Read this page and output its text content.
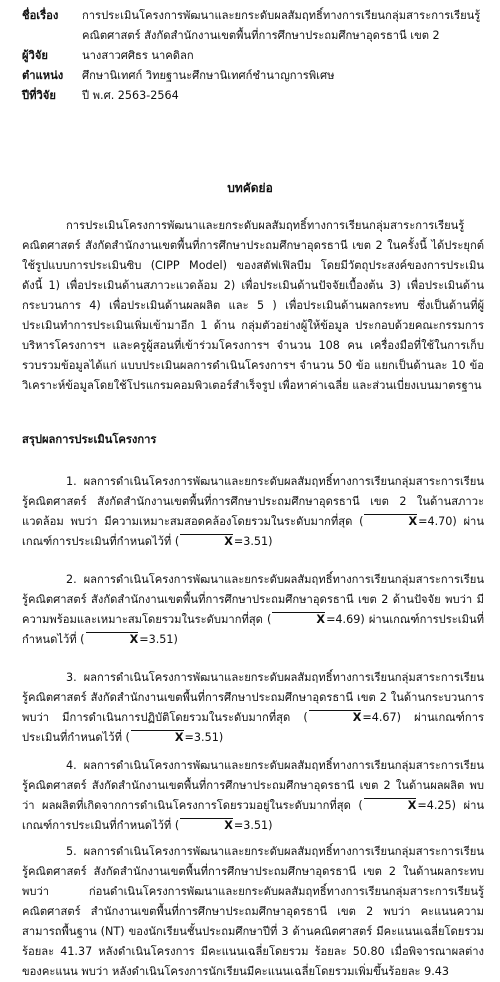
ชื่อเรื่อง	การประเมินโครงการพัฒนาและยกระดับผลสัมฤทธิ์ทางการเรียนกลุ่มสาระการเรียนรู้
คณิตศาสตร์ สังกัดสำนักงานเขตพื้นที่การศึกษาประถมศึกษาอุดรธานี เขต 2
ผู้วิจัย	นางสาวศศิธร นาคดิลก
ตำแหน่ง	ศึกษานิเทศก์ วิทยฐานะศึกษานิเทศก์ชำนาญการพิเศษ
ปีที่วิจัย	ปี พ.ศ. 2563-2564
บทคัดย่อ
การประเมินโครงการพัฒนาและยกระดับผลสัมฤทธิ์ทางการเรียนกลุ่มสาระการเรียนรู้คณิตศาสตร์ สังกัดสำนักงานเขตพื้นที่การศึกษาประถมศึกษาอุดรธานี เขต 2 ในครั้งนี้ ได้ประยุกต์ใช้รูปแบบการประเมินซิบ (CIPP Model) ของสตัฟเฟิลบีม โดยมีวัตถุประสงค์ของการประเมิน ดังนี้ 1) เพื่อประเมินด้านสภาวะแวดล้อม 2) เพื่อประเมินด้านปัจจัยเบื้องต้น 3) เพื่อประเมินด้านกระบวนการ 4) เพื่อประเมินด้านผลผลิต และ 5 ) เพื่อประเมินด้านผลกระทบ ซึ่งเป็นด้านที่ผู้ประเมินทำการประเมินเพิ่มเข้ามาอีก 1 ด้าน กลุ่มตัวอย่างผู้ให้ข้อมูล ประกอบด้วยคณะกรรมการบริหารโครงการฯ และครูผู้สอนที่เข้าร่วมโครงการฯ จำนวน 108 คน เครื่องมือที่ใช้ในการเก็บรวบรวมข้อมูลได้แก่ แบบประเมินผลการดำเนินโครงการฯ จำนวน 50 ข้อ แยกเป็นด้านละ 10 ข้อ วิเคราะห์ข้อมูลโดยใช้โปรแกรมคอมพิวเตอร์สำเร็จรูป เพื่อหาค่าเฉลี่ย และส่วนเบี่ยงเบนมาตรฐาน
สรุปผลการประเมินโครงการ
1. ผลการดำเนินโครงการพัฒนาและยกระดับผลสัมฤทธิ์ทางการเรียนกลุ่มสาระการเรียนรู้คณิตศาสตร์ สังกัดสำนักงานเขตพื้นที่การศึกษาประถมศึกษาอุดรธานี เขต 2 ในด้านสภาวะแวดล้อม พบว่า มีความเหมาะสมสอดคล้องโดยรวมในระดับมากที่สุด (	X=4.70) ผ่านเกณฑ์การประเมินที่กำหนดไว้ที่ (	X=3.51)
2. ผลการดำเนินโครงการพัฒนาและยกระดับผลสัมฤทธิ์ทางการเรียนกลุ่มสาระการเรียนรู้คณิตศาสตร์ สังกัดสำนักงานเขตพื้นที่การศึกษาประถมศึกษาอุดรธานี เขต 2 ด้านปัจจัย พบว่า มีความพร้อมและเหมาะสมโดยรวมในระดับมากที่สุด (	X=4.69) ผ่านเกณฑ์การประเมินที่กำหนดไว้ที่ (	X=3.51)
3. ผลการดำเนินโครงการพัฒนาและยกระดับผลสัมฤทธิ์ทางการเรียนกลุ่มสาระการเรียนรู้คณิตศาสตร์ สังกัดสำนักงานเขตพื้นที่การศึกษาประถมศึกษาอุดรธานี เขต 2 ในด้านกระบวนการ พบว่า มีการดำเนินการปฏิบัติโดยรวมในระดับมากที่สุด (	X=4.67) ผ่านเกณฑ์การประเมินที่กำหนดไว้ที่ (	X=3.51)
4. ผลการดำเนินโครงการพัฒนาและยกระดับผลสัมฤทธิ์ทางการเรียนกลุ่มสาระการเรียนรู้คณิตศาสตร์ สังกัดสำนักงานเขตพื้นที่การศึกษาประถมศึกษาอุดรธานี เขต 2 ในด้านผลผลิต พบว่า ผลผลิตที่เกิดจากการดำเนินโครงการโดยรวมอยู่ในระดับมากที่สุด (	X=4.25) ผ่านเกณฑ์การประเมินที่กำหนดไว้ที่ (	X=3.51)
5. ผลการดำเนินโครงการพัฒนาและยกระดับผลสัมฤทธิ์ทางการเรียนกลุ่มสาระการเรียนรู้คณิตศาสตร์ สังกัดสำนักงานเขตพื้นที่การศึกษาประถมศึกษาอุดรธานี เขต 2 ในด้านผลกระทบ พบว่า ก่อนดำเนินโครงการพัฒนาและยกระดับผลสัมฤทธิ์ทางการเรียนกลุ่มสาระการเรียนรู้คณิตศาสตร์ สำนักงานเขตพื้นที่การศึกษาประถมศึกษาอุดรธานี เขต 2 พบว่า คะแนนความสามารถพื้นฐาน (NT) ของนักเรียนชั้นประถมศึกษาปีที่ 3 ด้านคณิตศาสตร์ มีคะแนนเฉลี่ยโดยรวมร้อยละ 41.37 หลังดำเนินโครงการ มีคะแนนเฉลี่ยโดยรวม ร้อยละ 50.80 เมื่อพิจารณาผลต่างของคะแนน พบว่า หลังดำเนินโครงการนักเรียนมีคะแนนเฉลี่ยโดยรวมเพิ่มขึ้นร้อยละ 9.43
